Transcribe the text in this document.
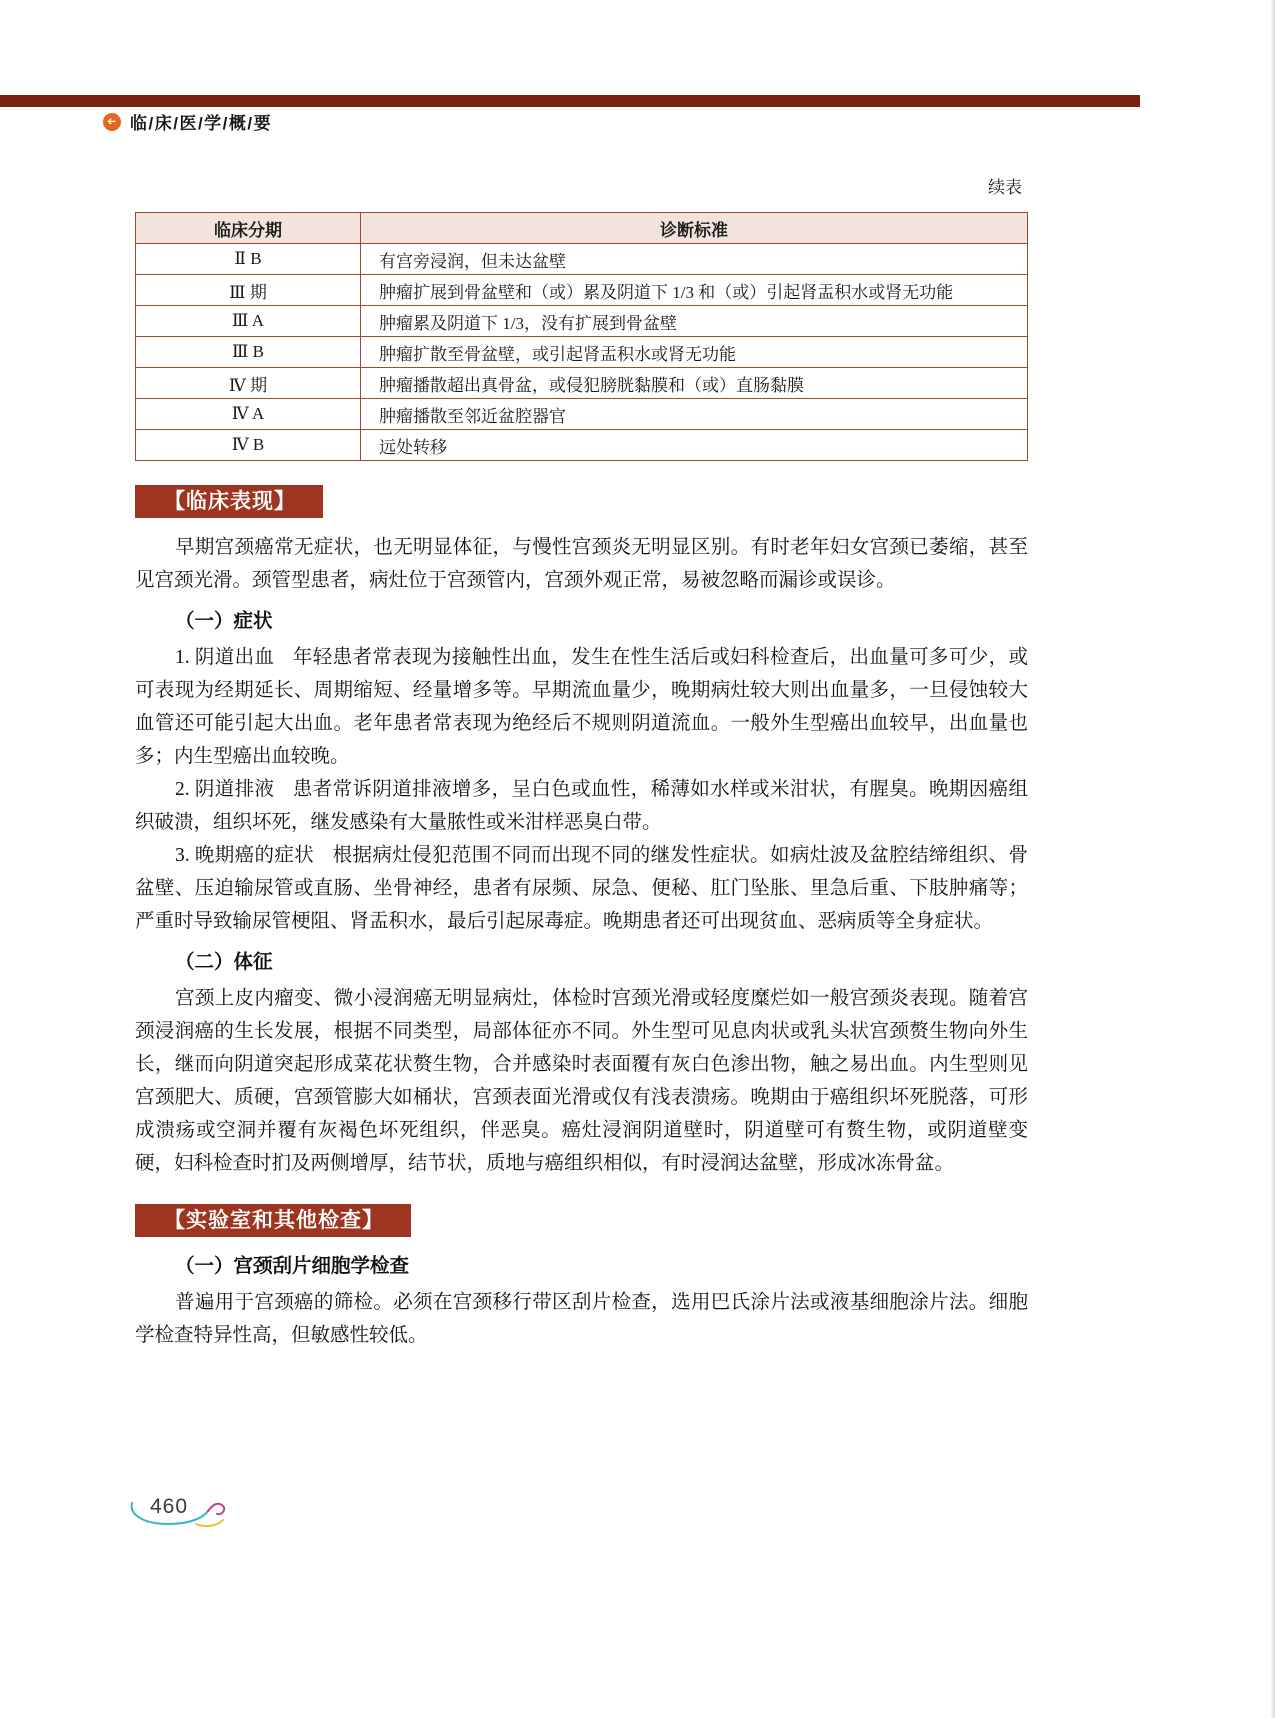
➔ 临/床/医/学/概/要
续表
临床分期	诊断标准
Ⅱ B	有宫旁浸润，但未达盆壁
Ⅲ 期	肿瘤扩展到骨盆壁和（或）累及阴道下 1/3 和（或）引起肾盂积水或肾无功能
Ⅲ A	肿瘤累及阴道下 1/3，没有扩展到骨盆壁
Ⅲ B	肿瘤扩散至骨盆壁，或引起肾盂积水或肾无功能
Ⅳ 期	肿瘤播散超出真骨盆，或侵犯膀胱黏膜和（或）直肠黏膜
Ⅳ A	肿瘤播散至邻近盆腔器官
Ⅳ B	远处转移
【临床表现】

早期宫颈癌常无症状，也无明显体征，与慢性宫颈炎无明显区别。有时老年妇女宫颈已萎缩，甚至见宫颈光滑。颈管型患者，病灶位于宫颈管内，宫颈外观正常，易被忽略而漏诊或误诊。

（一）症状

1. 阴道出血 年轻患者常表现为接触性出血，发生在性生活后或妇科检查后，出血量可多可少，或可表现为经期延长、周期缩短、经量增多等。早期流血量少，晚期病灶较大则出血量多，一旦侵蚀较大血管还可能引起大出血。老年患者常表现为绝经后不规则阴道流血。一般外生型癌出血较早，出血量也多；内生型癌出血较晚。

2. 阴道排液 患者常诉阴道排液增多，呈白色或血性，稀薄如水样或米泔状，有腥臭。晚期因癌组织破溃，组织坏死，继发感染有大量脓性或米泔样恶臭白带。

3. 晚期癌的症状 根据病灶侵犯范围不同而出现不同的继发性症状。如病灶波及盆腔结缔组织、骨盆壁、压迫输尿管或直肠、坐骨神经，患者有尿频、尿急、便秘、肛门坠胀、里急后重、下肢肿痛等；严重时导致输尿管梗阻、肾盂积水，最后引起尿毒症。晚期患者还可出现贫血、恶病质等全身症状。

（二）体征

宫颈上皮内瘤变、微小浸润癌无明显病灶，体检时宫颈光滑或轻度糜烂如一般宫颈炎表现。随着宫颈浸润癌的生长发展，根据不同类型，局部体征亦不同。外生型可见息肉状或乳头状宫颈赘生物向外生长，继而向阴道突起形成菜花状赘生物，合并感染时表面覆有灰白色渗出物，触之易出血。内生型则见宫颈肥大、质硬，宫颈管膨大如桶状，宫颈表面光滑或仅有浅表溃疡。晚期由于癌组织坏死脱落，可形成溃疡或空洞并覆有灰褐色坏死组织，伴恶臭。癌灶浸润阴道壁时，阴道壁可有赘生物，或阴道壁变硬，妇科检查时扪及两侧增厚，结节状，质地与癌组织相似，有时浸润达盆壁，形成冰冻骨盆。

【实验室和其他检查】

（一）宫颈刮片细胞学检查

普遍用于宫颈癌的筛检。必须在宫颈移行带区刮片检查，选用巴氏涂片法或液基细胞涂片法。细胞学检查特异性高，但敏感性较低。

460
